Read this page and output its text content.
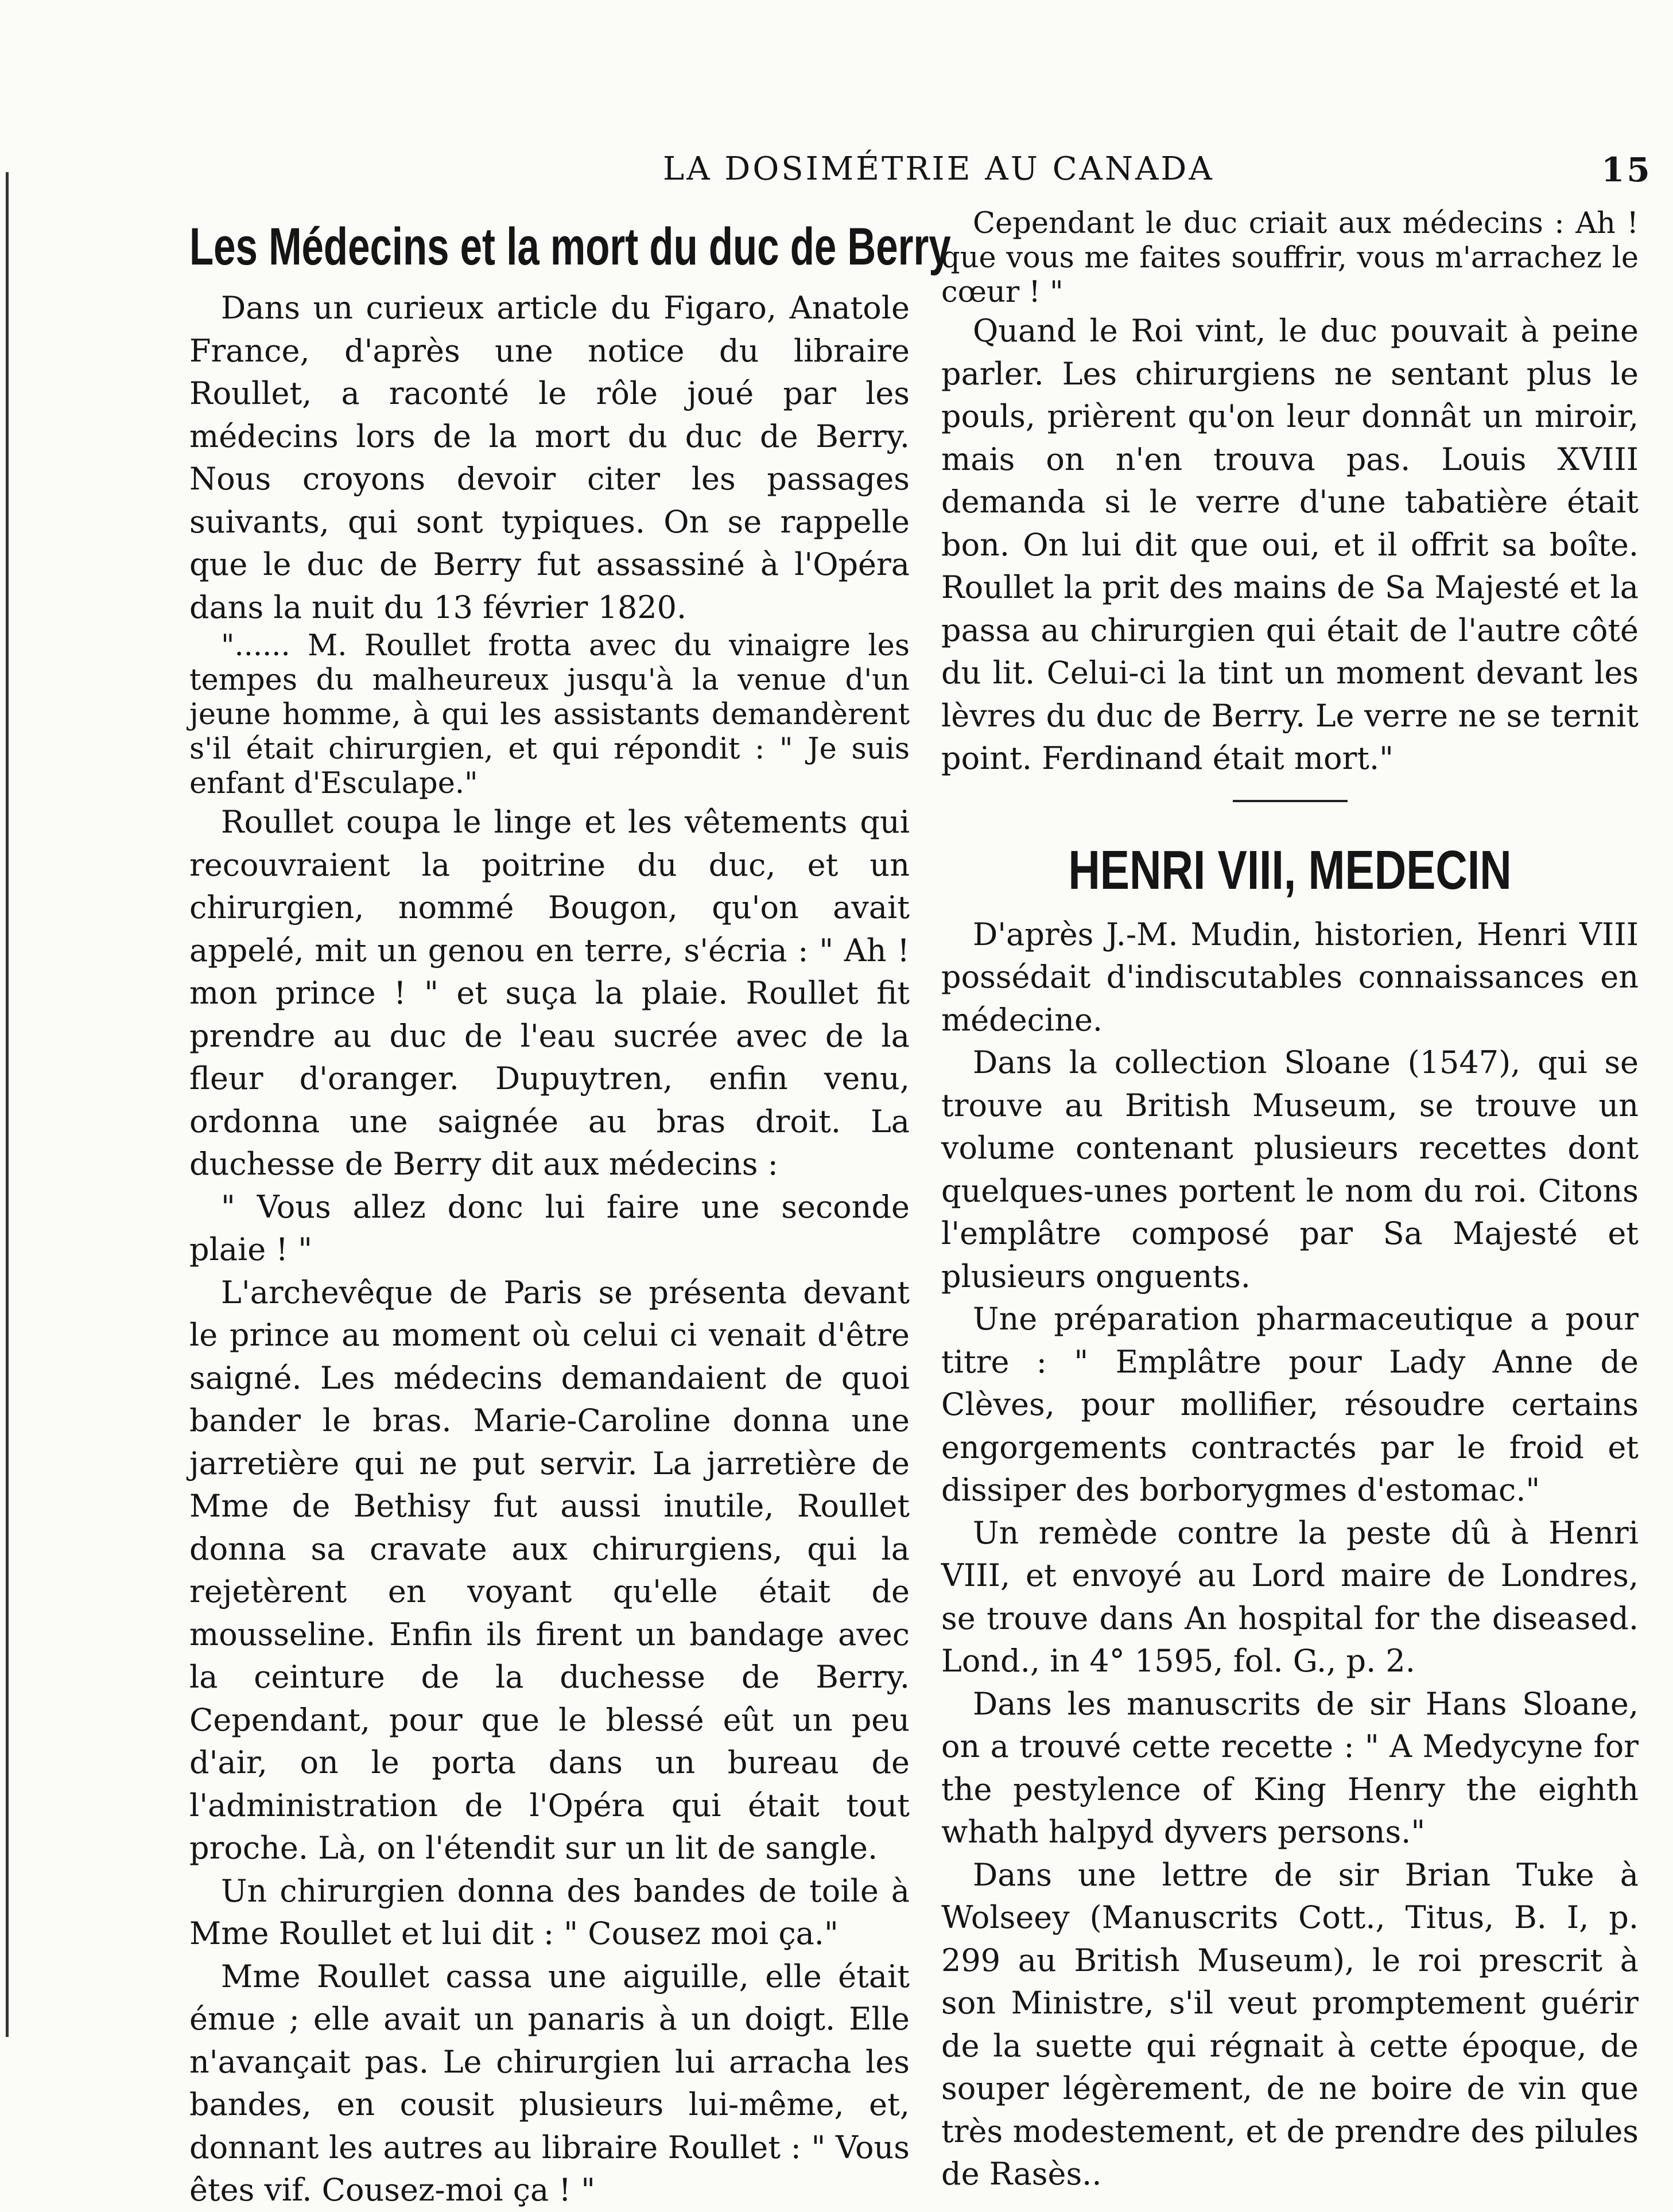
LA DOSIMÉTRIE AU CANADA	15
Les Médecins et la mort du duc de Berry

Dans un curieux article du Figaro, Anatole France, d'après une notice du libraire Roullet, a raconté le rôle joué par les médecins lors de la mort du duc de Berry. Nous croyons devoir citer les passages suivants, qui sont typiques. On se rappelle que le duc de Berry fut assassiné à l'Opéra dans la nuit du 13 février 1820.

"...... M. Roullet frotta avec du vinaigre les tempes du malheureux jusqu'à la venue d'un jeune homme, à qui les assistants demandèrent s'il était chirurgien, et qui répondit : " Je suis enfant d'Esculape."

Roullet coupa le linge et les vêtements qui recouvraient la poitrine du duc, et un chirurgien, nommé Bougon, qu'on avait appelé, mit un genou en terre, s'écria : " Ah ! mon prince ! " et suça la plaie. Roullet fit prendre au duc de l'eau sucrée avec de la fleur d'oranger. Dupuytren, enfin venu, ordonna une saignée au bras droit. La duchesse de Berry dit aux médecins :

" Vous allez donc lui faire une seconde plaie ! "

L'archevêque de Paris se présenta devant le prince au moment où celui ci venait d'être saigné. Les médecins demandaient de quoi bander le bras. Marie-Caroline donna une jarretière qui ne put servir. La jarretière de Mme de Bethisy fut aussi inutile, Roullet donna sa cravate aux chirurgiens, qui la rejetèrent en voyant qu'elle était de mousseline. Enfin ils firent un bandage avec la ceinture de la duchesse de Berry. Cependant, pour que le blessé eût un peu d'air, on le porta dans un bureau de l'administration de l'Opéra qui était tout proche. Là, on l'étendit sur un lit de sangle.

Un chirurgien donna des bandes de toile à Mme Roullet et lui dit : " Cousez moi ça."

Mme Roullet cassa une aiguille, elle était émue ; elle avait un panaris à un doigt. Elle n'avançait pas. Le chirurgien lui arracha les bandes, en cousit plusieurs lui-même, et, donnant les autres au libraire Roullet : " Vous êtes vif. Cousez-moi ça ! "

Cependant le duc criait aux médecins : Ah ! que vous me faites souffrir, vous m'arrachez le cœur ! "

Quand le Roi vint, le duc pouvait à peine parler. Les chirurgiens ne sentant plus le pouls, prièrent qu'on leur donnât un miroir, mais on n'en trouva pas. Louis XVIII demanda si le verre d'une tabatière était bon. On lui dit que oui, et il offrit sa boîte. Roullet la prit des mains de Sa Majesté et la passa au chirurgien qui était de l'autre côté du lit. Celui-ci la tint un moment devant les lèvres du duc de Berry. Le verre ne se ternit point. Ferdinand était mort."

HENRI VIII, MEDECIN

D'après J.-M. Mudin, historien, Henri VIII possédait d'indiscutables connaissances en médecine.

Dans la collection Sloane (1547), qui se trouve au British Museum, se trouve un volume contenant plusieurs recettes dont quelques-unes portent le nom du roi. Citons l'emplâtre composé par Sa Majesté et plusieurs onguents.

Une préparation pharmaceutique a pour titre : " Emplâtre pour Lady Anne de Clèves, pour mollifier, résoudre certains engorgements contractés par le froid et dissiper des borborygmes d'estomac."

Un remède contre la peste dû à Henri VIII, et envoyé au Lord maire de Londres, se trouve dans An hospital for the diseased. Lond., in 4° 1595, fol. G., p. 2.

Dans les manuscrits de sir Hans Sloane, on a trouvé cette recette : " A Medycyne for the pestylence of King Henry the eighth whath halpyd dyvers persons."

Dans une lettre de sir Brian Tuke à Wolseey (Manuscrits Cott., Titus, B. I, p. 299 au British Museum), le roi prescrit à son Ministre, s'il veut promptement guérir de la suette qui régnait à cette époque, de souper légèrement, de ne boire de vin que très modestement, et de prendre des pilules de Rasès..
